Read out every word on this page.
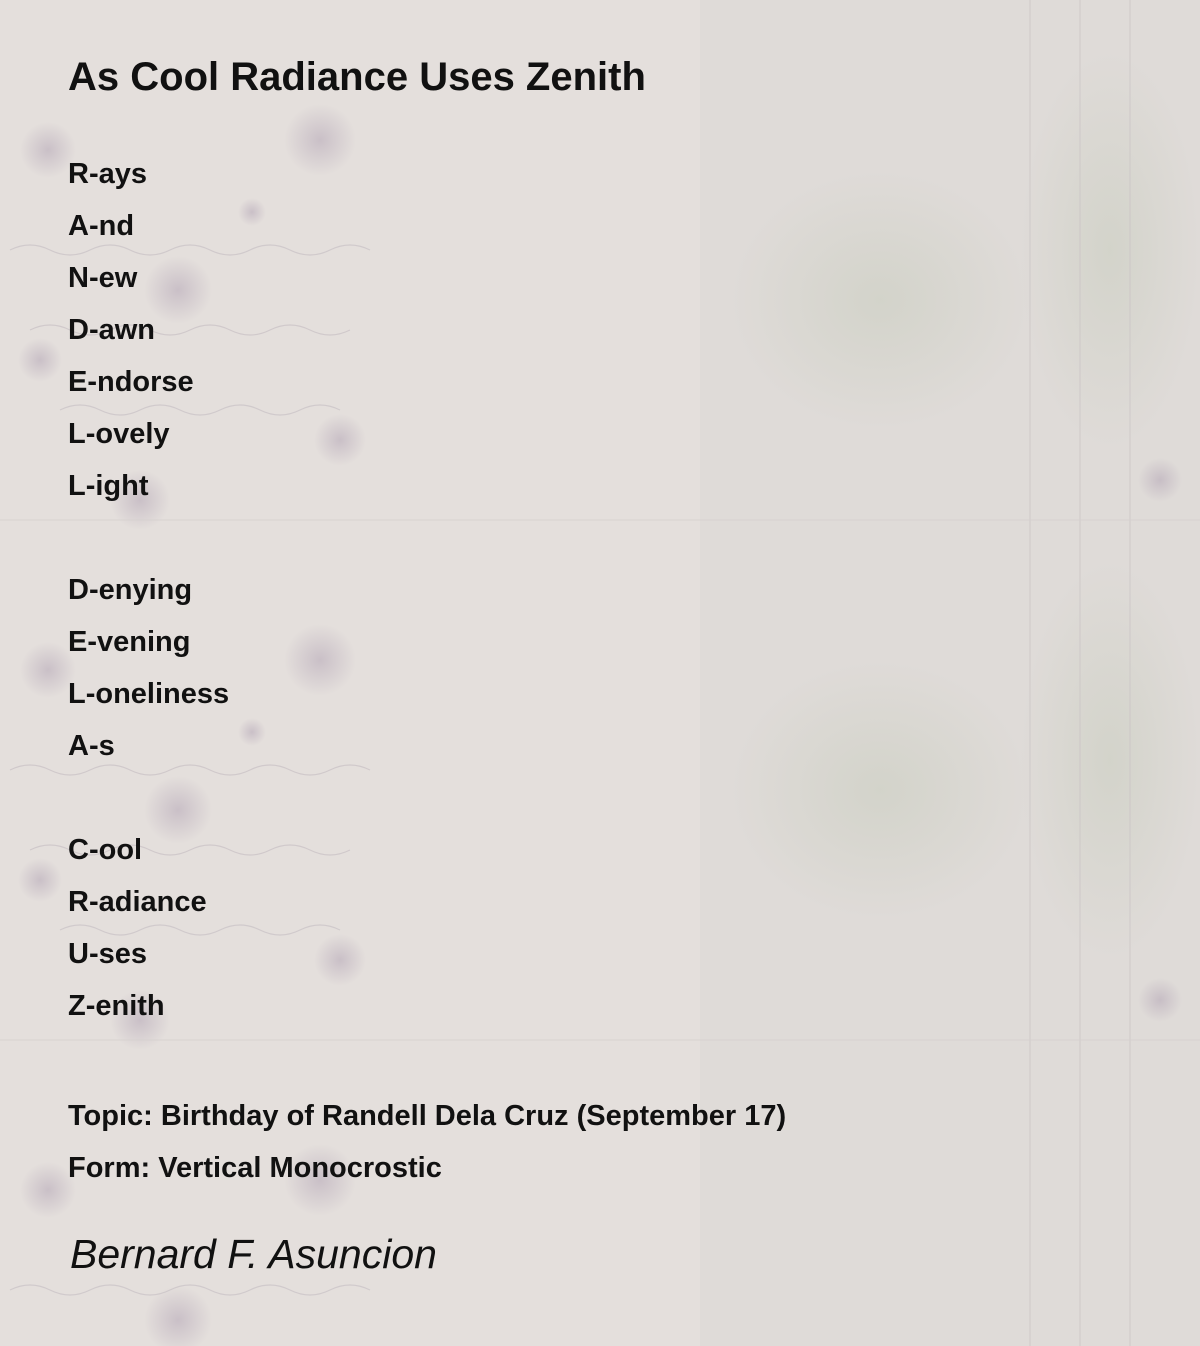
As Cool Radiance Uses Zenith
R-ays
A-nd
N-ew
D-awn
E-ndorse
L-ovely
L-ight
D-enying
E-vening
L-oneliness
A-s
C-ool
R-adiance
U-ses
Z-enith
Topic: Birthday of Randell Dela Cruz (September 17)
Form: Vertical Monocrostic
Bernard F. Asuncion
